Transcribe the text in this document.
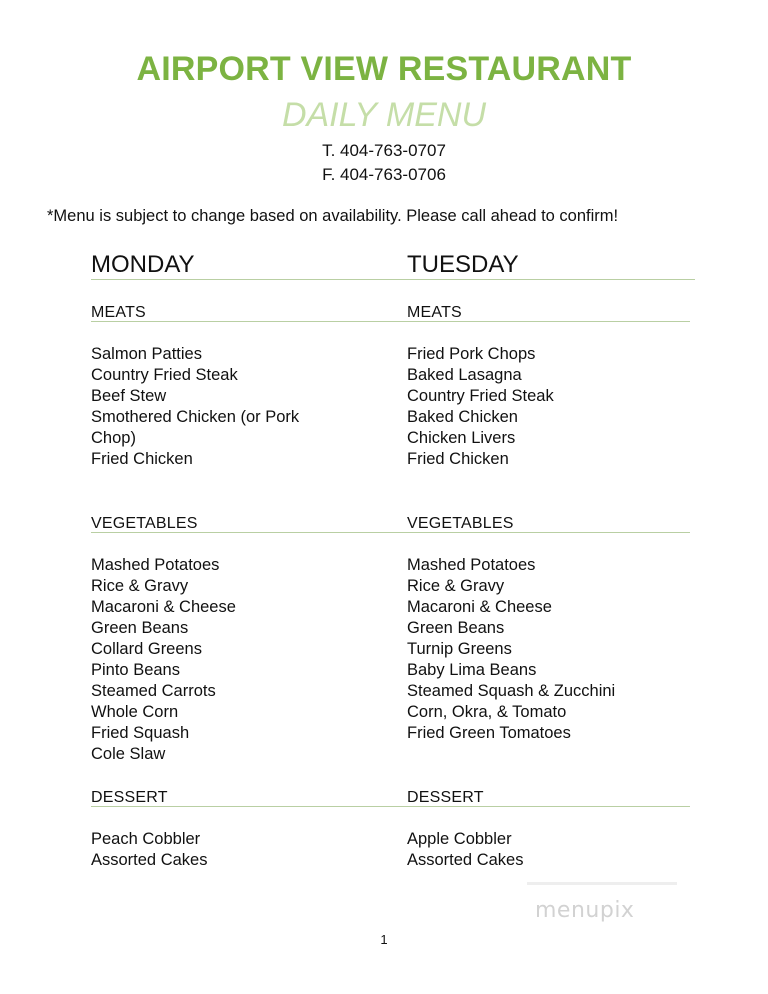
AIRPORT VIEW RESTAURANT
DAILY MENU
T. 404-763-0707
F. 404-763-0706
*Menu is subject to change based on availability. Please call ahead to confirm!
MONDAY
MEATS
Salmon Patties
Country Fried Steak
Beef Stew
Smothered Chicken (or Pork
Chop)
Fried Chicken
VEGETABLES
Mashed Potatoes
Rice & Gravy
Macaroni & Cheese
Green Beans
Collard Greens
Pinto Beans
Steamed Carrots
Whole Corn
Fried Squash
Cole Slaw
DESSERT
Peach Cobbler
Assorted Cakes
TUESDAY
MEATS
Fried Pork Chops
Baked Lasagna
Country Fried Steak
Baked Chicken
Chicken Livers
Fried Chicken
VEGETABLES
Mashed Potatoes
Rice & Gravy
Macaroni & Cheese
Green Beans
Turnip Greens
Baby Lima Beans
Steamed Squash & Zucchini
Corn, Okra, & Tomato
Fried Green Tomatoes
DESSERT
Apple Cobbler
Assorted Cakes
menupix
1
